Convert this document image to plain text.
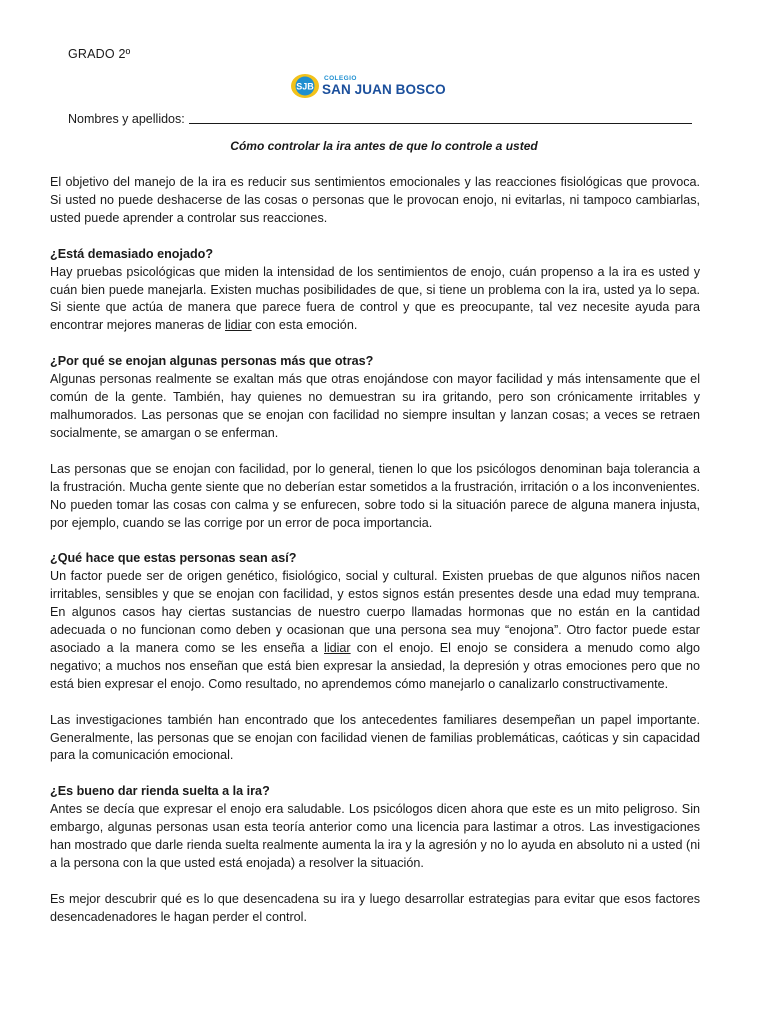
GRADO 2º
SJB
COLEGIO
SAN JUAN BOSCO
Nombres y apellidos:
Cómo controlar la ira antes de que lo controle a usted

El objetivo del manejo de la ira es reducir sus sentimientos emocionales y las reacciones fisiológicas que provoca. Si usted no puede deshacerse de las cosas o personas que le provocan enojo, ni evitarlas, ni tampoco cambiarlas, usted puede aprender a controlar sus reacciones.

¿Está demasiado enojado?

Hay pruebas psicológicas que miden la intensidad de los sentimientos de enojo, cuán propenso a la ira es usted y cuán bien puede manejarla. Existen muchas posibilidades de que, si tiene un problema con la ira, usted ya lo sepa. Si siente que actúa de manera que parece fuera de control y que es preocupante, tal vez necesite ayuda para encontrar mejores maneras de lidiar con esta emoción.

¿Por qué se enojan algunas personas más que otras?

Algunas personas realmente se exaltan más que otras enojándose con mayor facilidad y más intensamente que el común de la gente. También, hay quienes no demuestran su ira gritando, pero son crónicamente irritables y malhumorados. Las personas que se enojan con facilidad no siempre insultan y lanzan cosas; a veces se retraen socialmente, se amargan o se enferman.

Las personas que se enojan con facilidad, por lo general, tienen lo que los psicólogos denominan baja tolerancia a la frustración. Mucha gente siente que no deberían estar sometidos a la frustración, irritación o a los inconvenientes. No pueden tomar las cosas con calma y se enfurecen, sobre todo si la situación parece de alguna manera injusta, por ejemplo, cuando se las corrige por un error de poca importancia.

¿Qué hace que estas personas sean así?

Un factor puede ser de origen genético, fisiológico, social y cultural. Existen pruebas de que algunos niños nacen irritables, sensibles y que se enojan con facilidad, y estos signos están presentes desde una edad muy temprana. En algunos casos hay ciertas sustancias de nuestro cuerpo llamadas hormonas que no están en la cantidad adecuada o no funcionan como deben y ocasionan que una persona sea muy “enojona”. Otro factor puede estar asociado a la manera como se les enseña a lidiar con el enojo. El enojo se considera a menudo como algo negativo; a muchos nos enseñan que está bien expresar la ansiedad, la depresión y otras emociones pero que no está bien expresar el enojo. Como resultado, no aprendemos cómo manejarlo o canalizarlo constructivamente.

Las investigaciones también han encontrado que los antecedentes familiares desempeñan un papel importante. Generalmente, las personas que se enojan con facilidad vienen de familias problemáticas, caóticas y sin capacidad para la comunicación emocional.

¿Es bueno dar rienda suelta a la ira?

Antes se decía que expresar el enojo era saludable. Los psicólogos dicen ahora que este es un mito peligroso. Sin embargo, algunas personas usan esta teoría anterior como una licencia para lastimar a otros. Las investigaciones han mostrado que darle rienda suelta realmente aumenta la ira y la agresión y no lo ayuda en absoluto ni a usted (ni a la persona con la que usted está enojada) a resolver la situación.

Es mejor descubrir qué es lo que desencadena su ira y luego desarrollar estrategias para evitar que esos factores desencadenadores le hagan perder el control.
